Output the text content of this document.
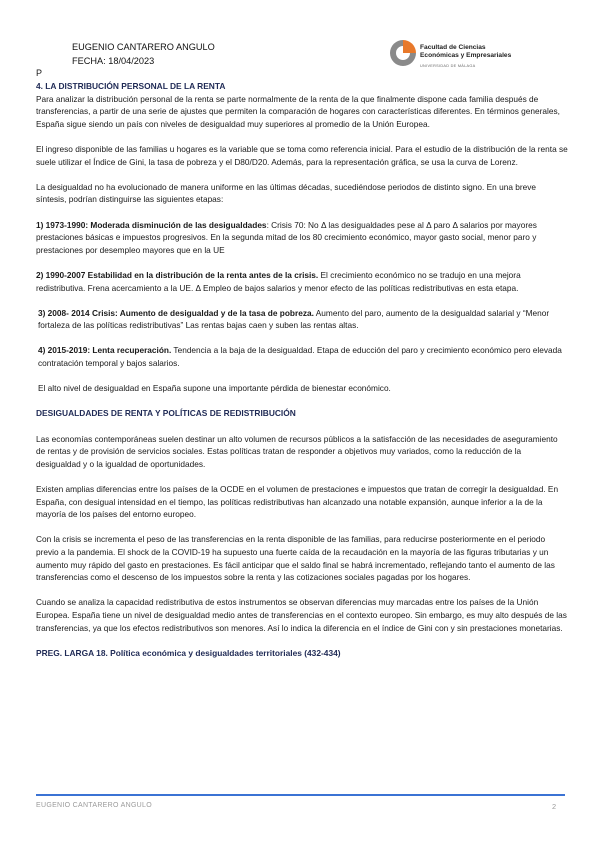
EUGENIO CANTARERO ANGULO
FECHA: 18/04/2023
Facultad de Ciencias
Económicas y Empresariales
UNIVERSIDAD DE MÁLAGA
P
4. LA DISTRIBUCIÓN PERSONAL DE LA RENTA

Para analizar la distribución personal de la renta se parte normalmente de la renta de la que finalmente dispone cada familia después de transferencias, a partir de una serie de ajustes que permiten la comparación de hogares con características diferentes. En términos generales, España sigue siendo un país con niveles de desigualdad muy superiores al promedio de la Unión Europea.

El ingreso disponible de las familias u hogares es la variable que se toma como referencia inicial. Para el estudio de la distribución de la renta se suele utilizar el Índice de Gini, la tasa de pobreza y el D80/D20. Además, para la representación gráfica, se usa la curva de Lorenz.

La desigualdad no ha evolucionado de manera uniforme en las últimas décadas, sucediéndose periodos de distinto signo. En una breve síntesis, podrían distinguirse las siguientes etapas:

1) 1973-1990: Moderada disminución de las desigualdades: Crisis 70: No Δ las desigualdades pese al Δ paro Δ salarios por mayores prestaciones básicas e impuestos progresivos. En la segunda mitad de los 80 crecimiento económico, mayor gasto social, menor paro y prestaciones por desempleo mayores que en la UE

2) 1990-2007 Estabilidad en la distribución de la renta antes de la crisis. El crecimiento económico no se tradujo en una mejora redistributiva. Frena acercamiento a la UE. Δ Empleo de bajos salarios y menor efecto de las políticas redistributivas en esta etapa.

3) 2008- 2014 Crisis: Aumento de desigualdad y de la tasa de pobreza. Aumento del paro, aumento de la desigualdad salarial y “Menor fortaleza de las políticas redistributivas” Las rentas bajas caen y suben las rentas altas.

4) 2015-2019: Lenta recuperación. Tendencia a la baja de la desigualdad. Etapa de educción del paro y crecimiento económico pero elevada contratación temporal y bajos salarios.

El alto nivel de desigualdad en España supone una importante pérdida de bienestar económico.

DESIGUALDADES DE RENTA Y POLÍTICAS DE REDISTRIBUCIÓN

Las economías contemporáneas suelen destinar un alto volumen de recursos públicos a la satisfacción de las necesidades de aseguramiento de rentas y de provisión de servicios sociales. Estas políticas tratan de responder a objetivos muy variados, como la reducción de la desigualdad y o la igualdad de oportunidades.

Existen amplias diferencias entre los países de la OCDE en el volumen de prestaciones e impuestos que tratan de corregir la desigualdad. En España, con desigual intensidad en el tiempo, las políticas redistributivas han alcanzado una notable expansión, aunque inferior a la de la mayoría de los países del entorno europeo.

Con la crisis se incrementa el peso de las transferencias en la renta disponible de las familias, para reducirse posteriormente en el periodo previo a la pandemia. El shock de la COVID-19 ha supuesto una fuerte caída de la recaudación en la mayoría de las figuras tributarias y un aumento muy rápido del gasto en prestaciones. Es fácil anticipar que el saldo final se habrá incrementado, reflejando tanto el aumento de las transferencias como el descenso de los impuestos sobre la renta y las cotizaciones sociales pagadas por los hogares.

Cuando se analiza la capacidad redistributiva de estos instrumentos se observan diferencias muy marcadas entre los países de la Unión Europea. España tiene un nivel de desigualdad medio antes de transferencias en el contexto europeo. Sin embargo, es muy alto después de las transferencias, ya que los efectos redistributivos son menores. Así lo indica la diferencia en el índice de Gini con y sin prestaciones monetarias.

PREG. LARGA 18. Política económica y desigualdades territoriales (432-434)
EUGENIO CANTARERO ANGULO	2
